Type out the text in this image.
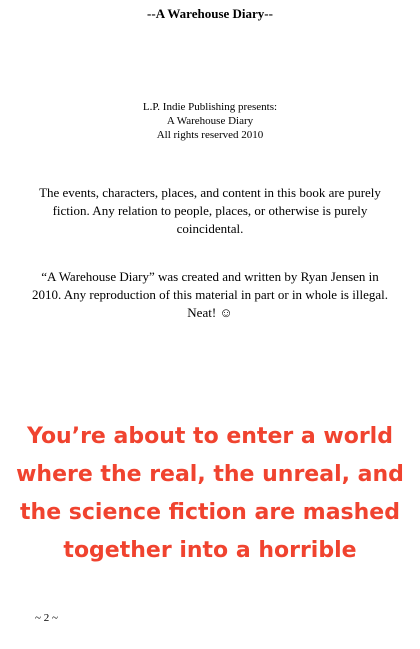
--A Warehouse Diary--
L.P. Indie Publishing presents:
A Warehouse Diary
All rights reserved 2010
The events, characters, places, and content in this book are purely fiction. Any relation to people, places, or otherwise is purely coincidental.
“A Warehouse Diary” was created and written by Ryan Jensen in 2010. Any reproduction of this material in part or in whole is illegal. Neat! ☺
You’re about to enter a world where the real, the unreal, and the science fiction are mashed together into a horrible
~ 2 ~
